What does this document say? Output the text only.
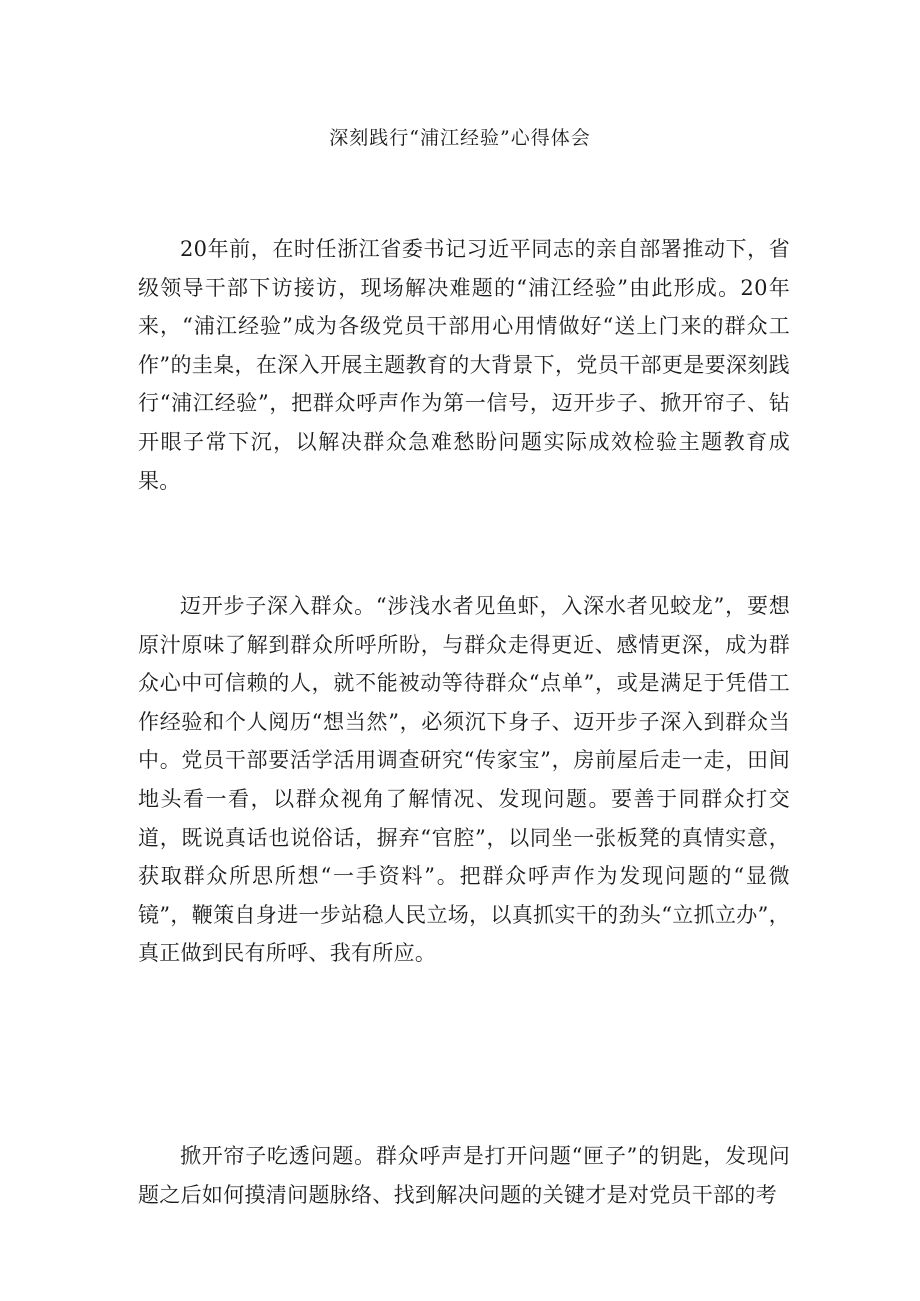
深刻践行“浦江经验”心得体会

20年前，在时任浙江省委书记习近平同志的亲自部署推动下，省级领导干部下访接访，现场解决难题的“浦江经验”由此形成。20年来，“浦江经验”成为各级党员干部用心用情做好“送上门来的群众工作”的圭臬，在深入开展主题教育的大背景下，党员干部更是要深刻践行“浦江经验”，把群众呼声作为第一信号，迈开步子、掀开帘子、钻开眼子常下沉，以解决群众急难愁盼问题实际成效检验主题教育成果。

迈开步子深入群众。“涉浅水者见鱼虾，入深水者见蛟龙”，要想原汁原味了解到群众所呼所盼，与群众走得更近、感情更深，成为群众心中可信赖的人，就不能被动等待群众“点单”，或是满足于凭借工作经验和个人阅历“想当然”，必须沉下身子、迈开步子深入到群众当中。党员干部要活学活用调查研究“传家宝”，房前屋后走一走，田间地头看一看，以群众视角了解情况、发现问题。要善于同群众打交道，既说真话也说俗话，摒弃“官腔”，以同坐一张板凳的真情实意，获取群众所思所想“一手资料”。把群众呼声作为发现问题的“显微镜”，鞭策自身进一步站稳人民立场，以真抓实干的劲头“立抓立办”，真正做到民有所呼、我有所应。

掀开帘子吃透问题。群众呼声是打开问题“匣子”的钥匙，发现问题之后如何摸清问题脉络、找到解决问题的关键才是对党员干部的考
